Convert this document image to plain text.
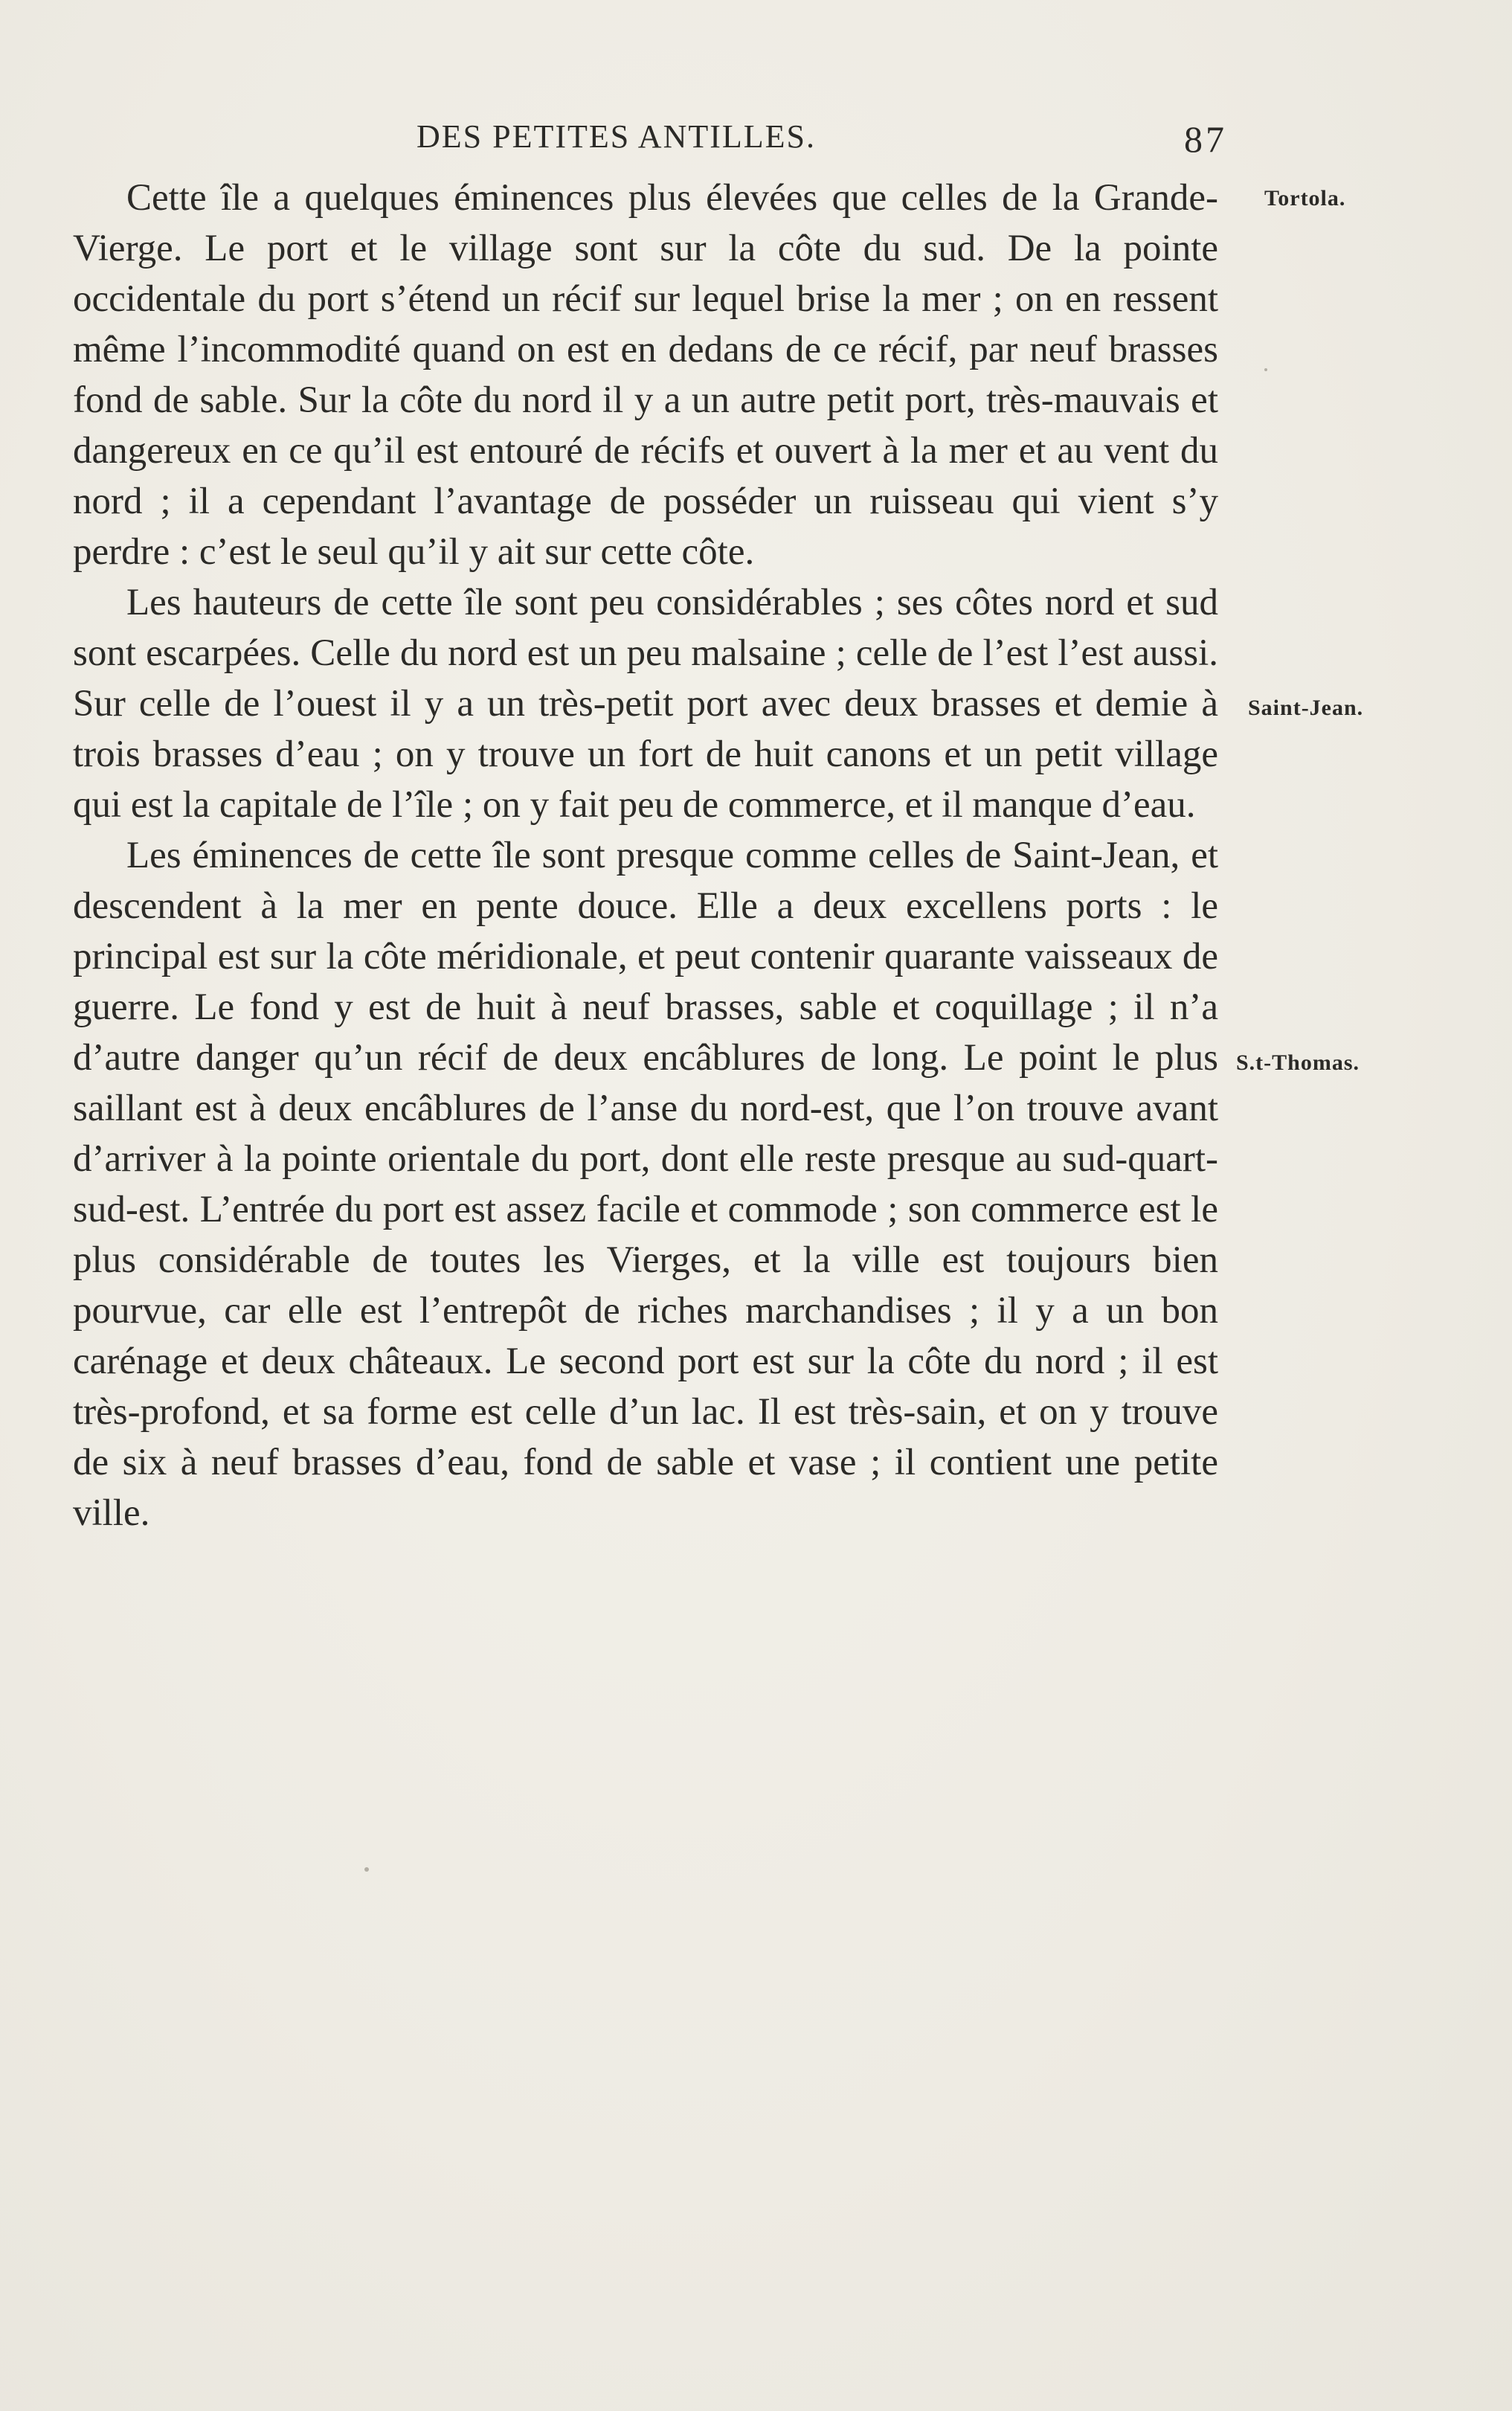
DES PETITES ANTILLES.	87

Cette île a quelques éminences plus élevées que celles de la Grande-Vierge. Le port et le village sont sur la côte du sud. De la pointe occidentale du port s’étend un récif sur lequel brise la mer ; on en ressent même l’incommodité quand on est en dedans de ce récif, par neuf brasses fond de sable. Sur la côte du nord il y a un autre petit port, très-mauvais et dangereux en ce qu’il est entouré de récifs et ouvert à la mer et au vent du nord ; il a cependant l’avantage de posséder un ruisseau qui vient s’y perdre : c’est le seul qu’il y ait sur cette côte.

Les hauteurs de cette île sont peu considérables ; ses côtes nord et sud sont escarpées. Celle du nord est un peu malsaine ; celle de l’est l’est aussi. Sur celle de l’ouest il y a un très-petit port avec deux brasses et demie à trois brasses d’eau ; on y trouve un fort de huit canons et un petit village qui est la capitale de l’île ; on y fait peu de commerce, et il manque d’eau.

Les éminences de cette île sont presque comme celles de Saint-Jean, et descendent à la mer en pente douce. Elle a deux excellens ports : le principal est sur la côte méridionale, et peut contenir quarante vaisseaux de guerre. Le fond y est de huit à neuf brasses, sable et coquillage ; il n’a d’autre danger qu’un récif de deux encâblures de long. Le point le plus saillant est à deux encâblures de l’anse du nord-est, que l’on trouve avant d’arriver à la pointe orientale du port, dont elle reste presque au sud-quart-sud-est. L’entrée du port est assez facile et commode ; son commerce est le plus considérable de toutes les Vierges, et la ville est toujours bien pourvue, car elle est l’entrepôt de riches marchandises ; il y a un bon carénage et deux châteaux. Le second port est sur la côte du nord ; il est très-profond, et sa forme est celle d’un lac. Il est très-sain, et on y trouve de six à neuf brasses d’eau, fond de sable et vase ; il contient une petite ville.

Tortola.
Saint-Jean.
S.t-Thomas.
